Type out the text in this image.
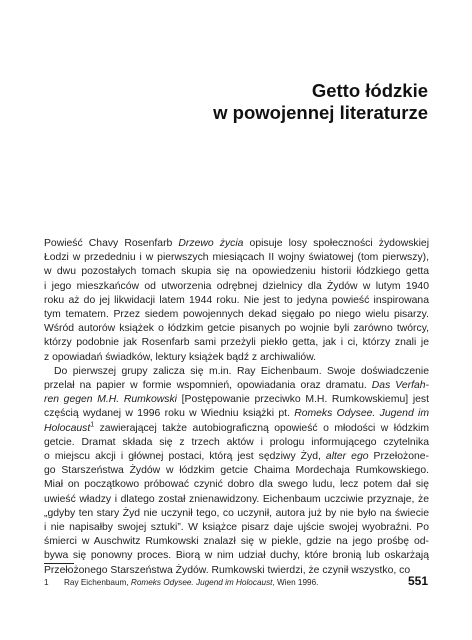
Getto łódzkie
w powojennej literaturze
Powieść Chavy Rosenfarb Drzewo życia opisuje losy społeczności żydowskiej
Łodzi w przededniu i w pierwszych miesiącach II wojny światowej (tom pierwszy),
w dwu pozostałych tomach skupia się na opowiedzeniu historii łódzkiego getta
i jego mieszkańców od utworzenia odrębnej dzielnicy dla Żydów w lutym 1940
roku aż do jej likwidacji latem 1944 roku. Nie jest to jedyna powieść inspirowana
tym tematem. Przez siedem powojennych dekad sięgało po niego wielu pisarzy.
Wśród autorów książek o łódzkim getcie pisanych po wojnie byli zarówno twórcy,
którzy podobnie jak Rosenfarb sami przeżyli piekło getta, jak i ci, którzy znali je
z opowiadań świadków, lektury książek bądź z archiwaliów.
Do pierwszej grupy zalicza się m.in. Ray Eichenbaum. Swoje doświadczenie
przelał na papier w formie wspomnień, opowiadania oraz dramatu. Das Verfah-
ren gegen M.H. Rumkowski [Postępowanie przeciwko M.H. Rumkowskiemu] jest
częścią wydanej w 1996 roku w Wiedniu książki pt. Romeks Odysee. Jugend im
Holocaust$^1$ zawierającej także autobiograficzną opowieść o młodości w łódzkim
getcie. Dramat składa się z trzech aktów i prologu informującego czytelnika
o miejscu akcji i głównej postaci, którą jest sędziwy Żyd, alter ego Przełożone-
go Starszeństwa Żydów w łódzkim getcie Chaima Mordechaja Rumkowskiego.
Miał on początkowo próbować czynić dobro dla swego ludu, lecz potem dał się
uwieść władzy i dlatego został znienawidzony. Eichenbaum uczciwie przyznaje, że
„gdyby ten stary Żyd nie uczynił tego, co uczynił, autora już by nie było na świecie
i nie napisałby swojej sztuki”. W książce pisarz daje ujście swojej wyobraźni. Po
śmierci w Auschwitz Rumkowski znalazł się w piekle, gdzie na jego prośbę od-
bywa się ponowny proces. Biorą w nim udział duchy, które bronią lub oskarżają
Przełożonego Starszeństwa Żydów. Rumkowski twierdzi, że czynił wszystko, co
1 Ray Eichenbaum, Romeks Odysee. Jugend im Holocaust, Wien 1996.	551
